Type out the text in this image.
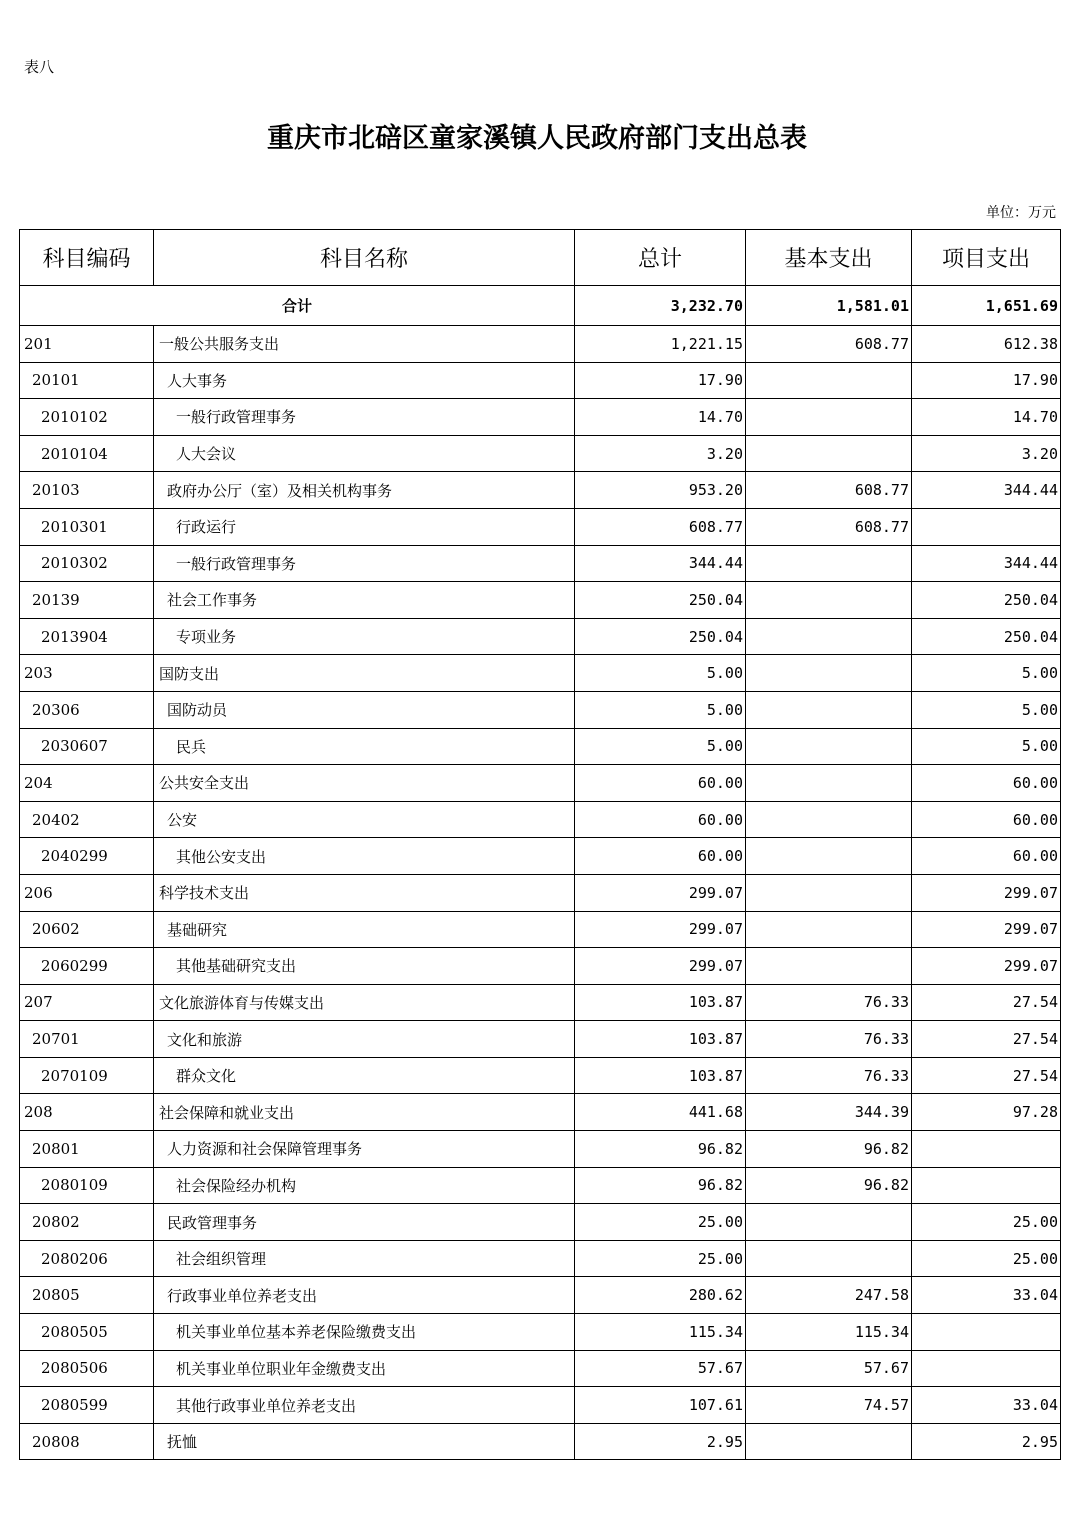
表八
重庆市北碚区童家溪镇人民政府部门支出总表
单位：万元
科目编码	科目名称	总计	基本支出	项目支出
合计		3,232.70	1,581.01	1,651.69
201	一般公共服务支出	1,221.15	608.77	612.38
20101	人大事务	17.90		17.90
2010102	一般行政管理事务	14.70		14.70
2010104	人大会议	3.20		3.20
20103	政府办公厅（室）及相关机构事务	953.20	608.77	344.44
2010301	行政运行	608.77	608.77	
2010302	一般行政管理事务	344.44		344.44
20139	社会工作事务	250.04		250.04
2013904	专项业务	250.04		250.04
203	国防支出	5.00		5.00
20306	国防动员	5.00		5.00
2030607	民兵	5.00		5.00
204	公共安全支出	60.00		60.00
20402	公安	60.00		60.00
2040299	其他公安支出	60.00		60.00
206	科学技术支出	299.07		299.07
20602	基础研究	299.07		299.07
2060299	其他基础研究支出	299.07		299.07
207	文化旅游体育与传媒支出	103.87	76.33	27.54
20701	文化和旅游	103.87	76.33	27.54
2070109	群众文化	103.87	76.33	27.54
208	社会保障和就业支出	441.68	344.39	97.28
20801	人力资源和社会保障管理事务	96.82	96.82	
2080109	社会保险经办机构	96.82	96.82	
20802	民政管理事务	25.00		25.00
2080206	社会组织管理	25.00		25.00
20805	行政事业单位养老支出	280.62	247.58	33.04
2080505	机关事业单位基本养老保险缴费支出	115.34	115.34	
2080506	机关事业单位职业年金缴费支出	57.67	57.67	
2080599	其他行政事业单位养老支出	107.61	74.57	33.04
20808	抚恤	2.95		2.95
